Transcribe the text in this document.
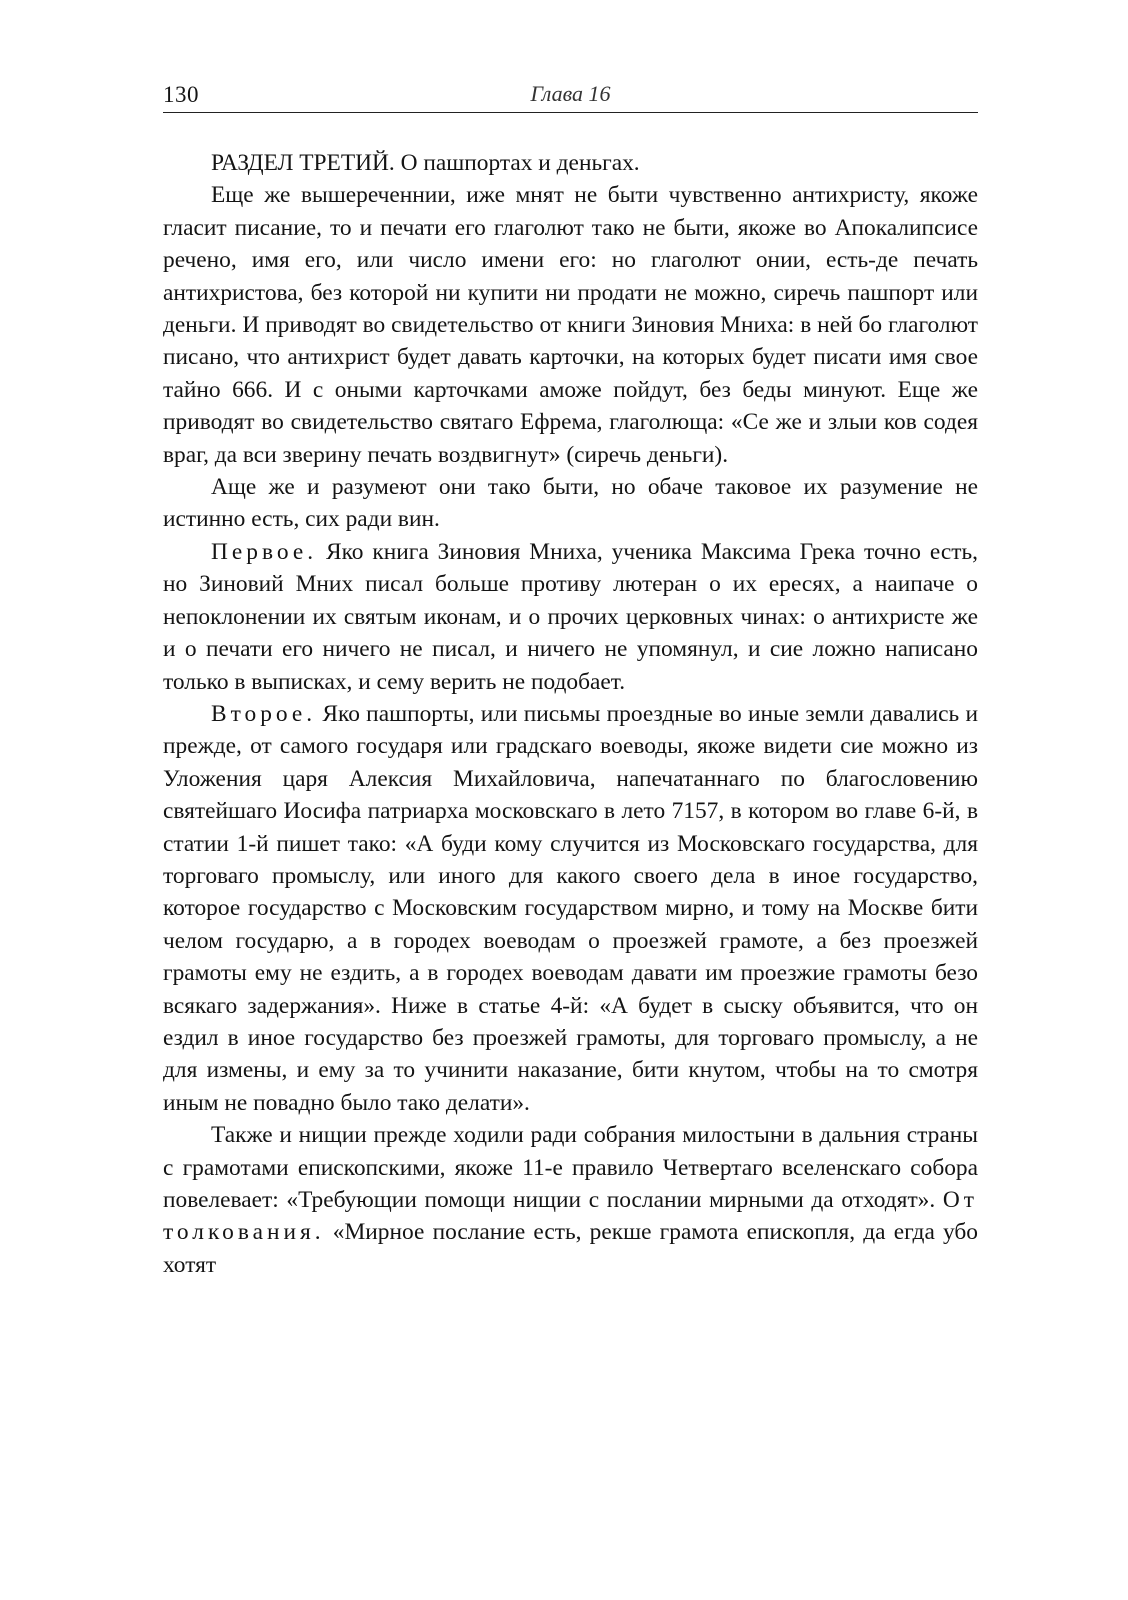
130	Глава 16

РАЗДЕЛ ТРЕТИЙ. О пашпортах и деньгах.

Еще же вышереченнии, иже мнят не быти чувственно антихристу, якоже гласит писание, то и печати его глаголют тако не быти, якоже во Апокалипсисе речено, имя его, или число имени его: но глаголют онии, есть-де печать антихристова, без которой ни купити ни продати не можно, сиречь пашпорт или деньги. И приводят во свидетельство от книги Зиновия Мниха: в ней бо глаголют писано, что антихрист будет давать карточки, на которых будет писати имя свое тайно 666. И с оными карточками аможе пойдут, без беды минуют. Еще же приводят во свидетельство святаго Ефрема, глаголюща: «Се же и злыи ков содея враг, да вси зверину печать воздвигнут» (сиречь деньги).

Аще же и разумеют они тако быти, но обаче таковое их разумение не истинно есть, сих ради вин.

Первое. Яко книга Зиновия Мниха, ученика Максима Грека точно есть, но Зиновий Мних писал больше противу лютеран о их ересях, а наипаче о непоклонении их святым иконам, и о прочих церковных чинах: о антихристе же и о печати его ничего не писал, и ничего не упомянул, и сие ложно написано только в выписках, и сему верить не подобает.

Второе. Яко пашпорты, или письмы проездные во иные земли давались и прежде, от самого государя или градскаго воеводы, якоже видети сие можно из Уложения царя Алексия Михайловича, напечатаннаго по благословению святейшаго Иосифа патриарха московскаго в лето 7157, в котором во главе 6-й, в статии 1-й пишет тако: «А буди кому случится из Московскаго государства, для торговаго промыслу, или иного для какого своего дела в иное государство, которое государство с Московским государством мирно, и тому на Москве бити челом государю, а в городех воеводам о проезжей грамоте, а без проезжей грамоты ему не ездить, а в городех воеводам давати им проезжие грамоты безо всякаго задержания». Ниже в статье 4-й: «А будет в сыску объявится, что он ездил в иное государство без проезжей грамоты, для торговаго промыслу, а не для измены, и ему за то учинити наказание, бити кнутом, чтобы на то смотря иным не повадно было тако делати».

Также и нищии прежде ходили ради собрания милостыни в дальния страны с грамотами епископскими, якоже 11-е правило Четвертаго вселенскаго собора повелевает: «Требующии помощи нищии с послании мирными да отходят». От толкования. «Мирное послание есть, рекше грамота епископля, да егда убо хотят
